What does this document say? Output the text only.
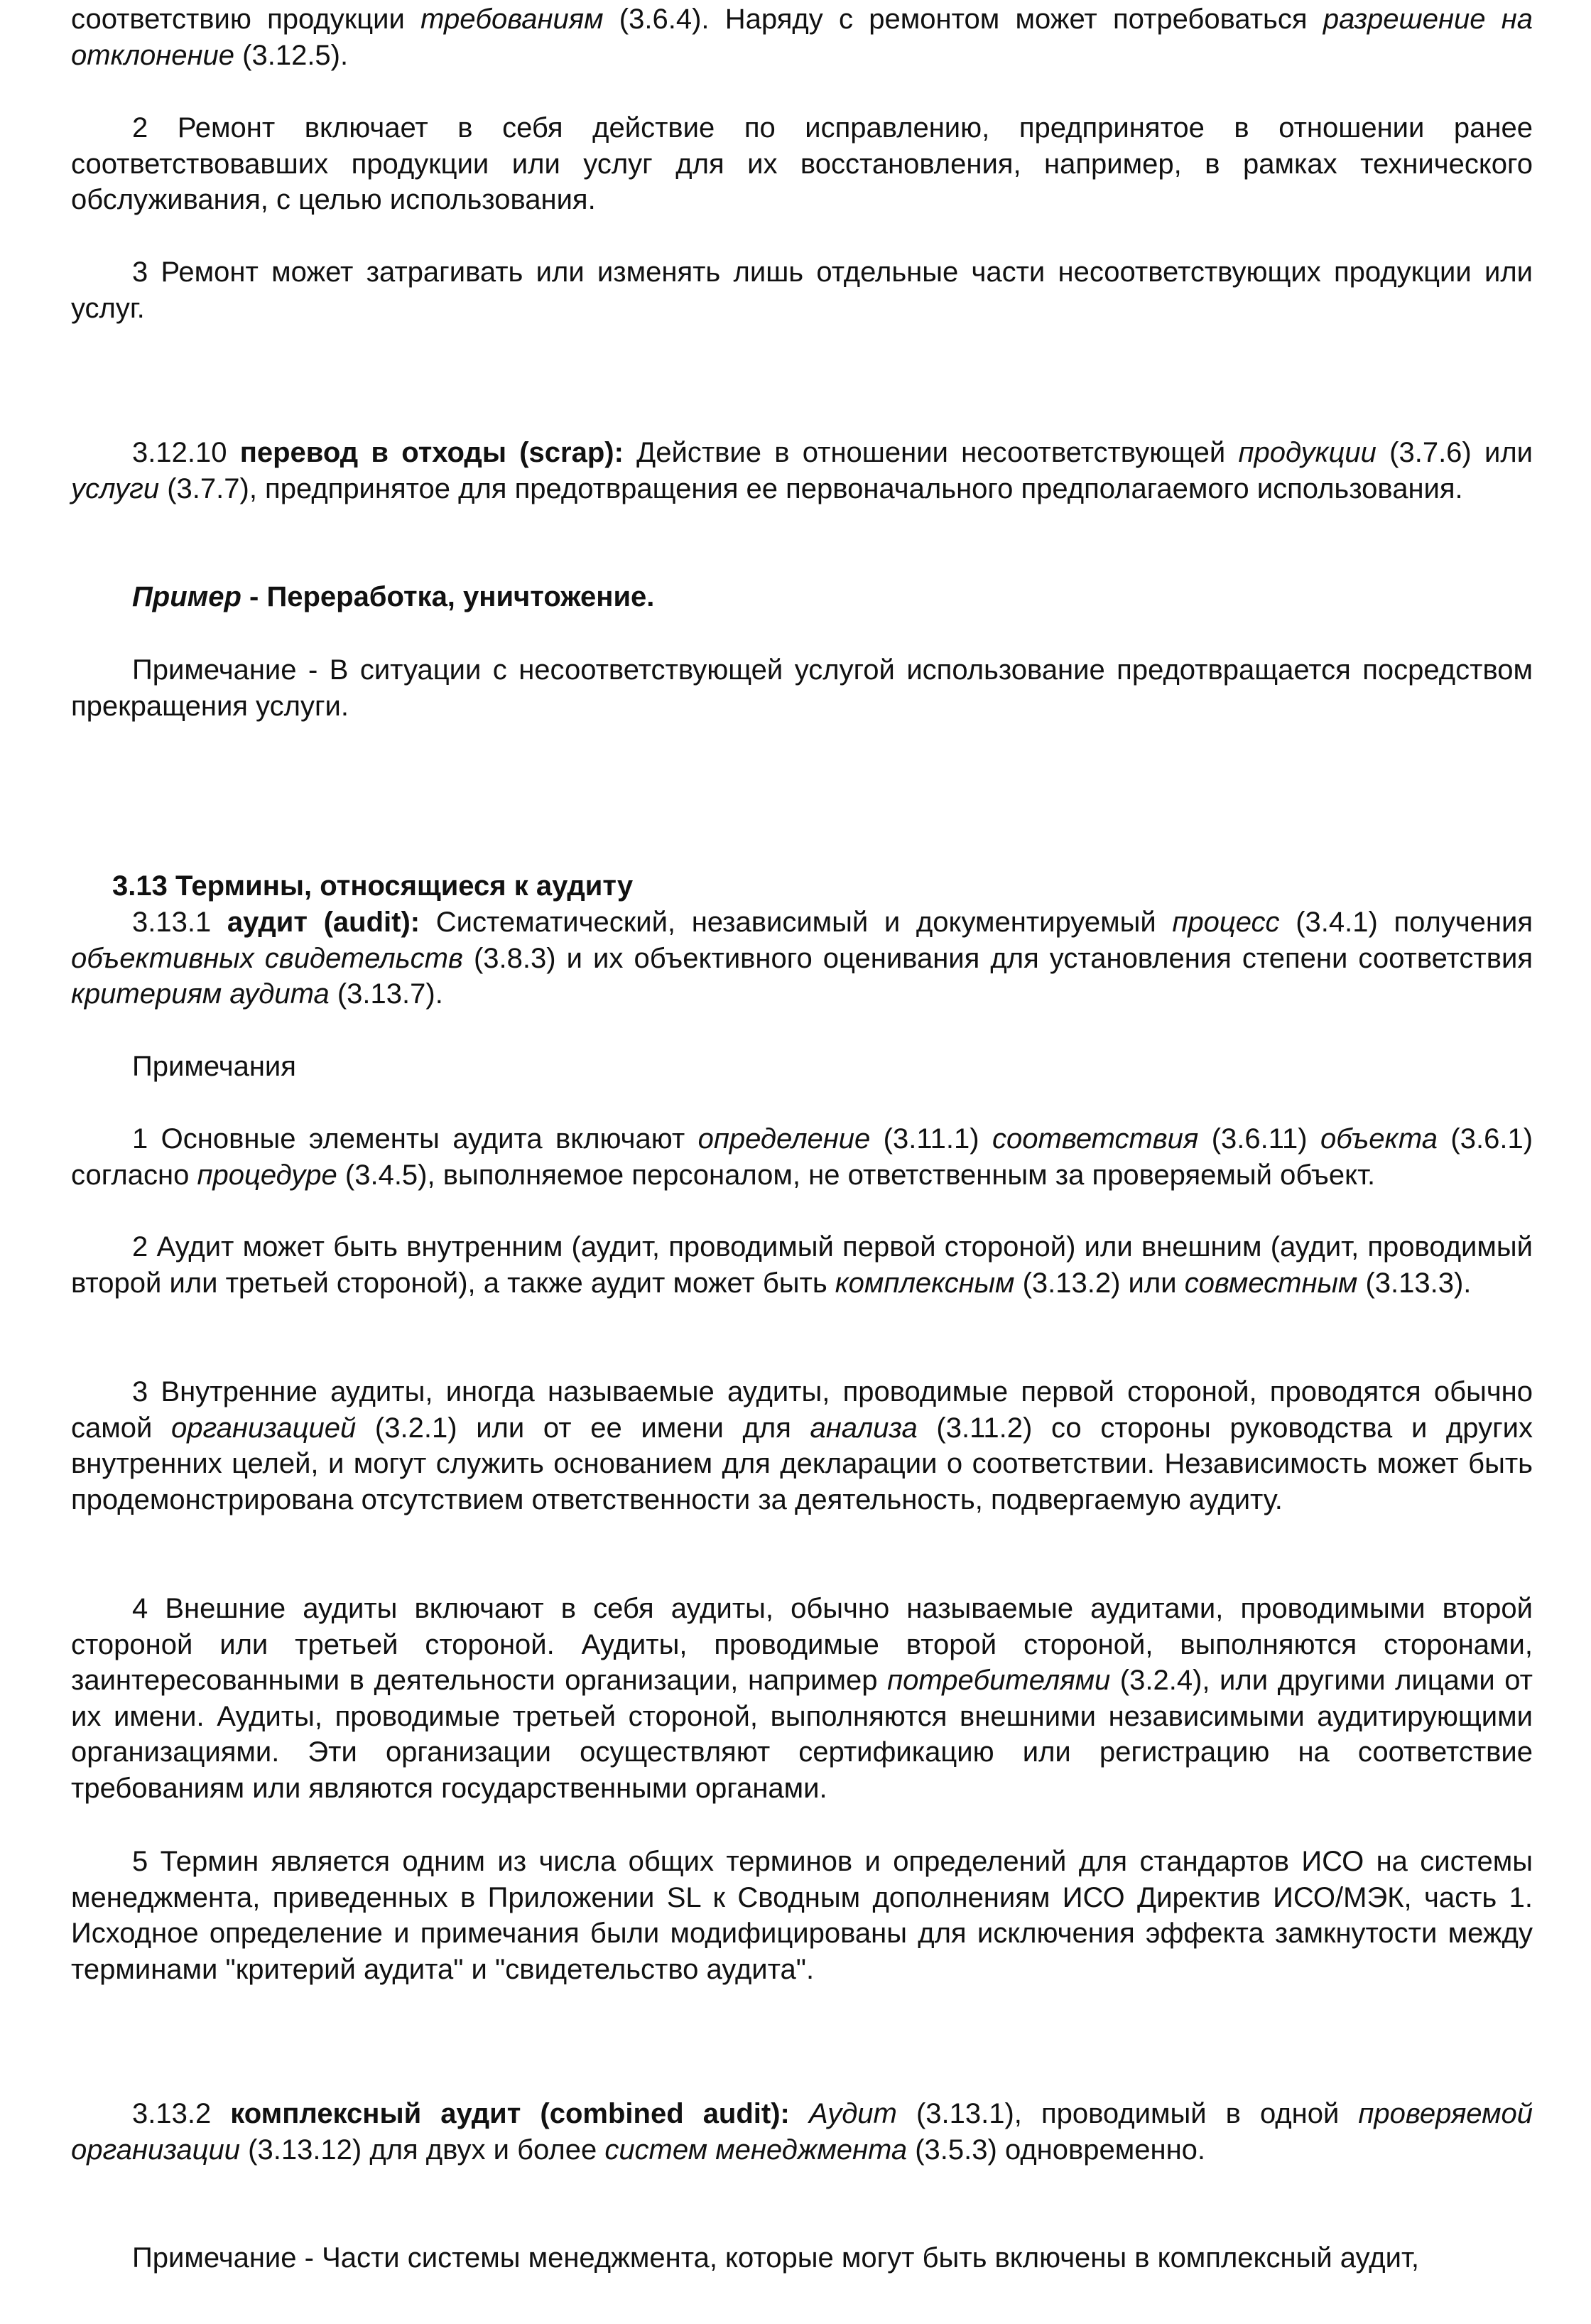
соответствию продукции требованиям (3.6.4). Наряду с ремонтом может потребоваться разрешение на отклонение (3.12.5).

2 Ремонт включает в себя действие по исправлению, предпринятое в отношении ранее соответствовавших продукции или услуг для их восстановления, например, в рамках технического обслуживания, с целью использования.

3 Ремонт может затрагивать или изменять лишь отдельные части несоответствующих продукции или услуг.

3.12.10 перевод в отходы (scrap): Действие в отношении несоответствующей продукции (3.7.6) или услуги (3.7.7), предпринятое для предотвращения ее первоначального предполагаемого использования.

Пример - Переработка, уничтожение.

Примечание - В ситуации с несоответствующей услугой использование предотвращается посредством прекращения услуги.

3.13 Термины, относящиеся к аудиту

3.13.1 аудит (audit): Систематический, независимый и документируемый процесс (3.4.1) получения объективных свидетельств (3.8.3) и их объективного оценивания для установления степени соответствия критериям аудита (3.13.7).

Примечания

1 Основные элементы аудита включают определение (3.11.1) соответствия (3.6.11) объекта (3.6.1) согласно процедуре (3.4.5), выполняемое персоналом, не ответственным за проверяемый объект.

2 Аудит может быть внутренним (аудит, проводимый первой стороной) или внешним (аудит, проводимый второй или третьей стороной), а также аудит может быть комплексным (3.13.2) или совместным (3.13.3).

3 Внутренние аудиты, иногда называемые аудиты, проводимые первой стороной, проводятся обычно самой организацией (3.2.1) или от ее имени для анализа (3.11.2) со стороны руководства и других внутренних целей, и могут служить основанием для декларации о соответствии. Независимость может быть продемонстрирована отсутствием ответственности за деятельность, подвергаемую аудиту.

4 Внешние аудиты включают в себя аудиты, обычно называемые аудитами, проводимыми второй стороной или третьей стороной. Аудиты, проводимые второй стороной, выполняются сторонами, заинтересованными в деятельности организации, например потребителями (3.2.4), или другими лицами от их имени. Аудиты, проводимые третьей стороной, выполняются внешними независимыми аудитирующими организациями. Эти организации осуществляют сертификацию или регистрацию на соответствие требованиям или являются государственными органами.

5 Термин является одним из числа общих терминов и определений для стандартов ИСО на системы менеджмента, приведенных в Приложении SL к Сводным дополнениям ИСО Директив ИСО/МЭК, часть 1. Исходное определение и примечания были модифицированы для исключения эффекта замкнутости между терминами "критерий аудита" и "свидетельство аудита".

3.13.2 комплексный аудит (combined audit): Аудит (3.13.1), проводимый в одной проверяемой организации (3.13.12) для двух и более систем менеджмента (3.5.3) одновременно.

Примечание - Части системы менеджмента, которые могут быть включены в комплексный аудит,
